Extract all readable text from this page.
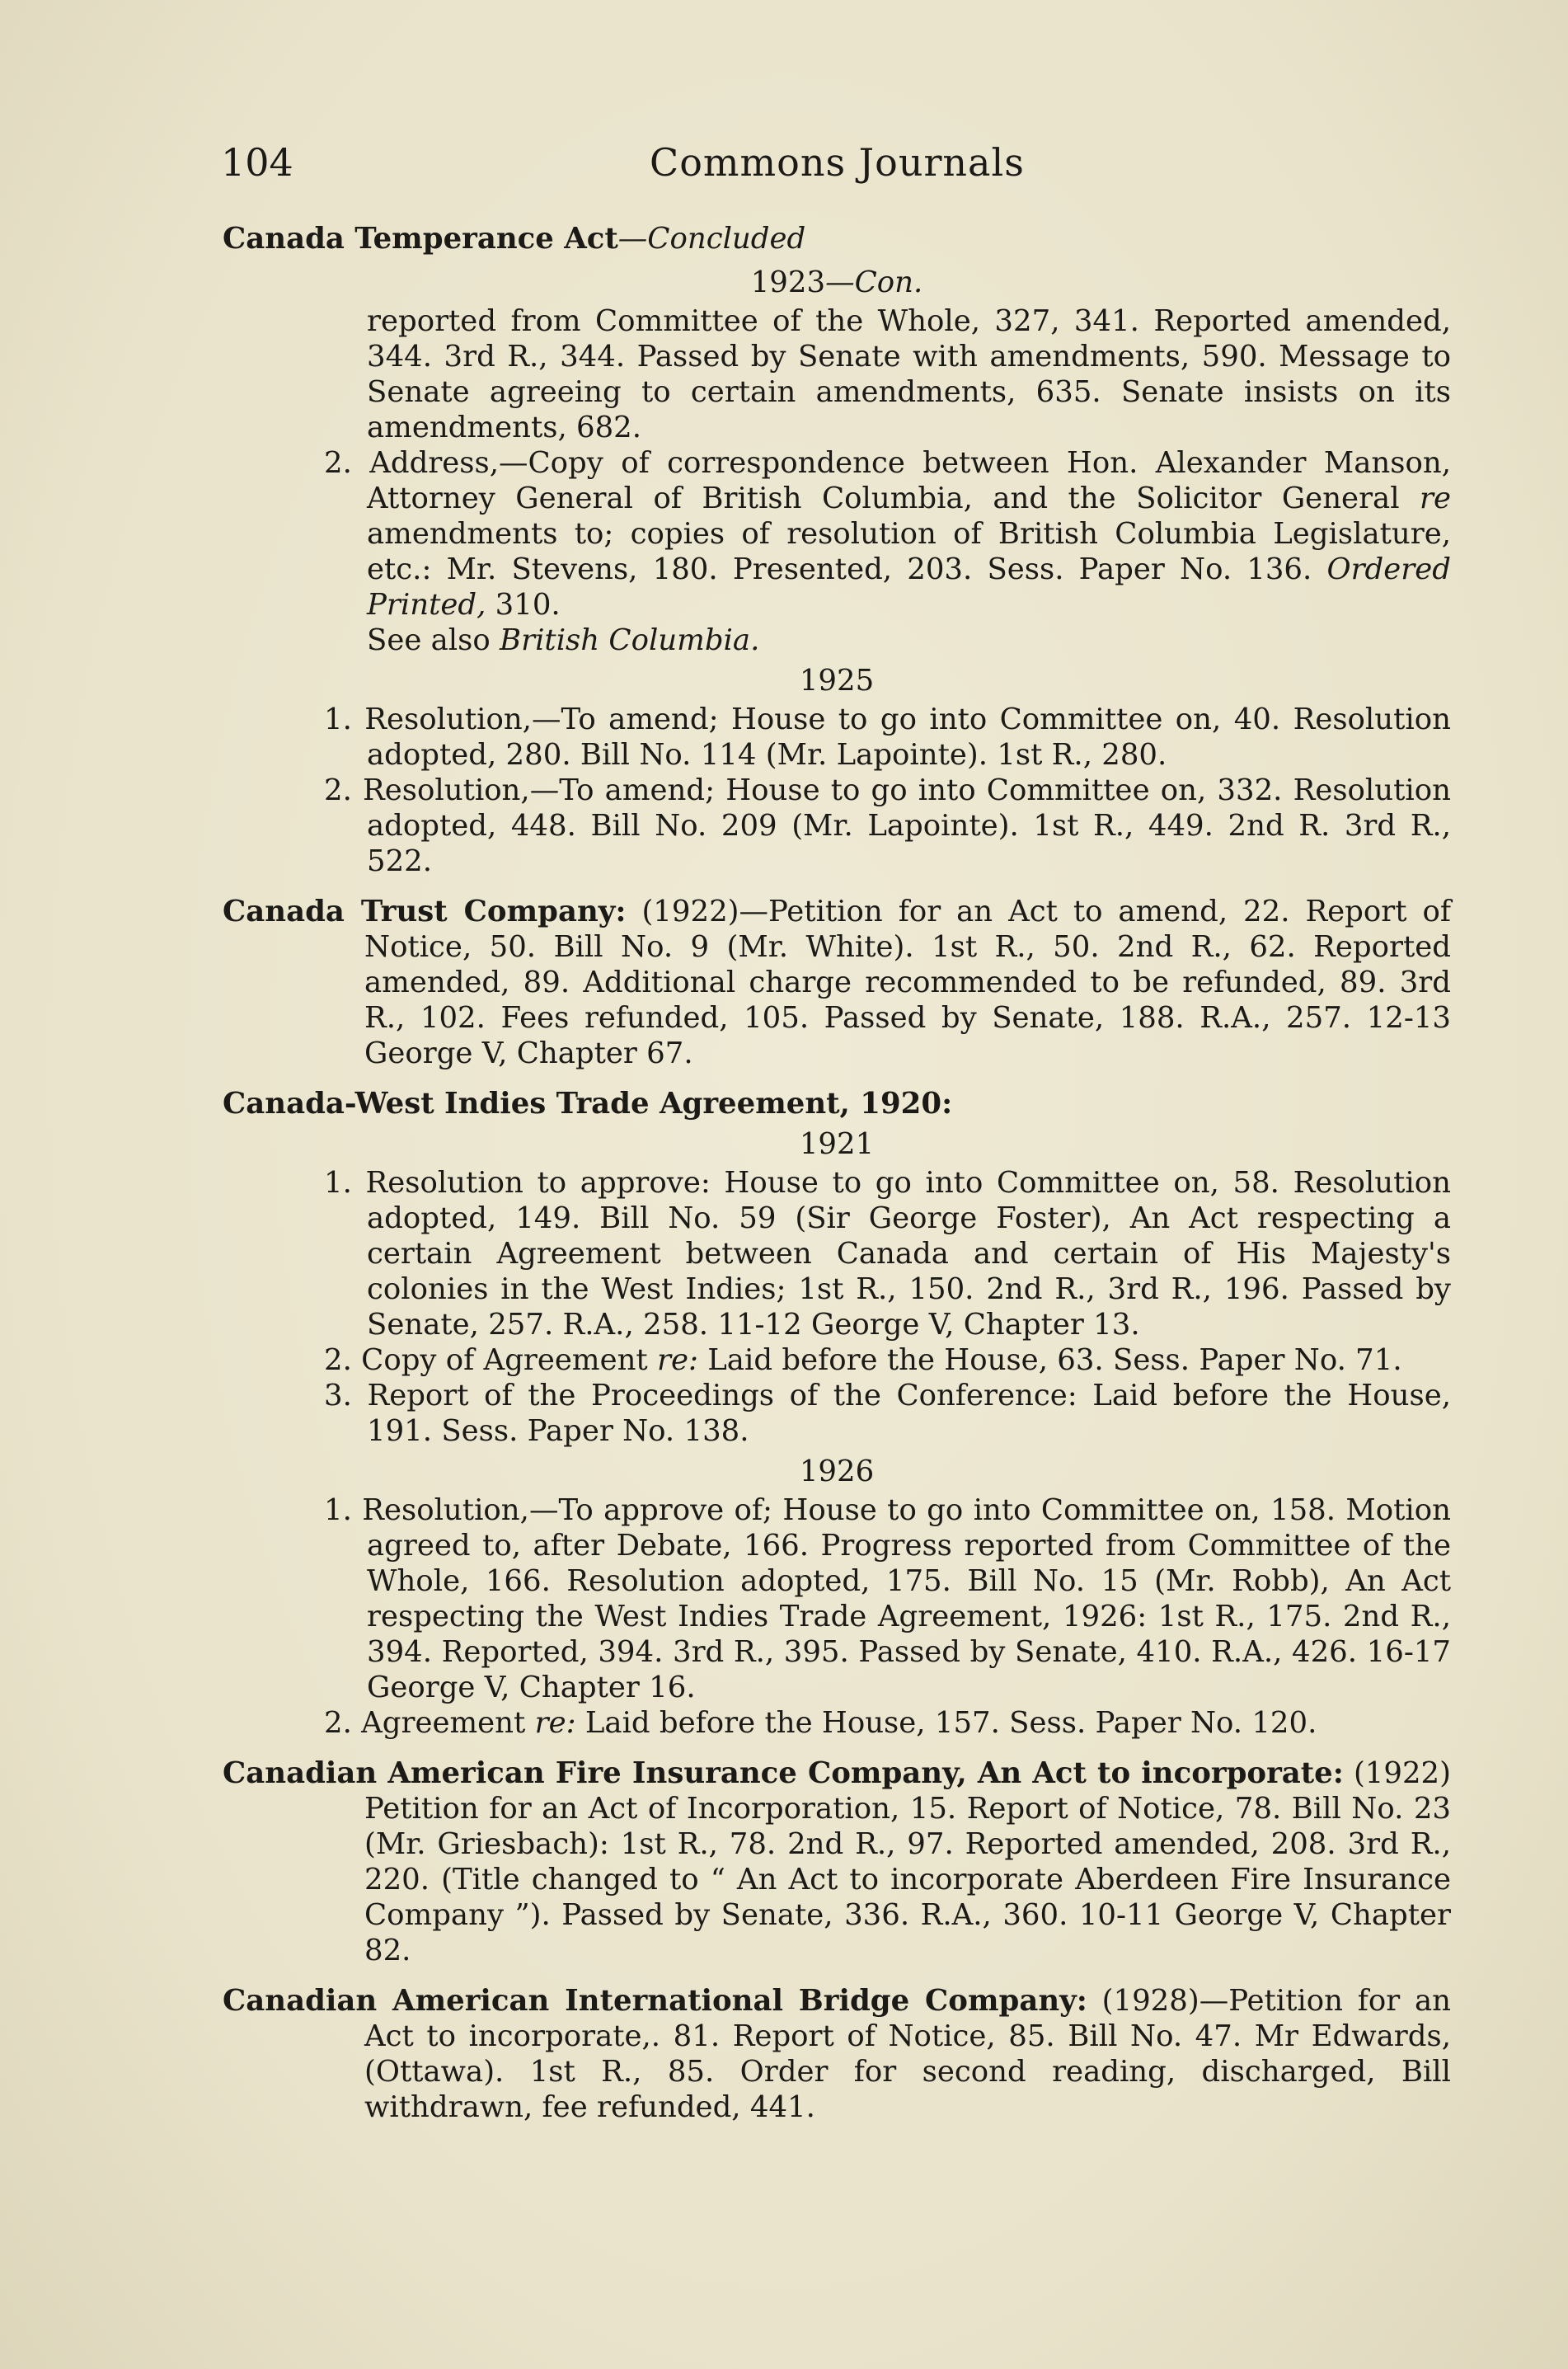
104	Commons Journals
Canada Temperance Act—Concluded
1923—Con.
reported from Committee of the Whole, 327, 341. Reported amended, 344. 3rd R., 344. Passed by Senate with amendments, 590. Message to Senate agreeing to certain amendments, 635. Senate insists on its amendments, 682.
2. Address,—Copy of correspondence between Hon. Alexander Manson, Attorney General of British Columbia, and the Solicitor General re amendments to; copies of resolution of British Columbia Legislature, etc.: Mr. Stevens, 180. Presented, 203. Sess. Paper No. 136. Ordered Printed, 310.
See also British Columbia.
1925
1. Resolution,—To amend; House to go into Committee on, 40. Resolution adopted, 280. Bill No. 114 (Mr. Lapointe). 1st R., 280.
2. Resolution,—To amend; House to go into Committee on, 332. Resolution adopted, 448. Bill No. 209 (Mr. Lapointe). 1st R., 449. 2nd R. 3rd R., 522.
Canada Trust Company: (1922)—Petition for an Act to amend, 22. Report of Notice, 50. Bill No. 9 (Mr. White). 1st R., 50. 2nd R., 62. Reported amended, 89. Additional charge recommended to be refunded, 89. 3rd R., 102. Fees refunded, 105. Passed by Senate, 188. R.A., 257. 12-13 George V, Chapter 67.
Canada-West Indies Trade Agreement, 1920:
1921
1. Resolution to approve: House to go into Committee on, 58. Resolution adopted, 149. Bill No. 59 (Sir George Foster), An Act respecting a certain Agreement between Canada and certain of His Majesty's colonies in the West Indies; 1st R., 150. 2nd R., 3rd R., 196. Passed by Senate, 257. R.A., 258. 11-12 George V, Chapter 13.
2. Copy of Agreement re: Laid before the House, 63. Sess. Paper No. 71.
3. Report of the Proceedings of the Conference: Laid before the House, 191. Sess. Paper No. 138.
1926
1. Resolution,—To approve of; House to go into Committee on, 158. Motion agreed to, after Debate, 166. Progress reported from Committee of the Whole, 166. Resolution adopted, 175. Bill No. 15 (Mr. Robb), An Act respecting the West Indies Trade Agreement, 1926: 1st R., 175. 2nd R., 394. Reported, 394. 3rd R., 395. Passed by Senate, 410. R.A., 426. 16-17 George V, Chapter 16.
2. Agreement re: Laid before the House, 157. Sess. Paper No. 120.
Canadian American Fire Insurance Company, An Act to incorporate: (1922) Petition for an Act of Incorporation, 15. Report of Notice, 78. Bill No. 23 (Mr. Griesbach): 1st R., 78. 2nd R., 97. Reported amended, 208. 3rd R., 220. (Title changed to “ An Act to incorporate Aberdeen Fire Insurance Company ”). Passed by Senate, 336. R.A., 360. 10-11 George V, Chapter 82.
Canadian American International Bridge Company: (1928)—Petition for an Act to incorporate,. 81. Report of Notice, 85. Bill No. 47. Mr Edwards, (Ottawa). 1st R., 85. Order for second reading, discharged, Bill withdrawn, fee refunded, 441.
